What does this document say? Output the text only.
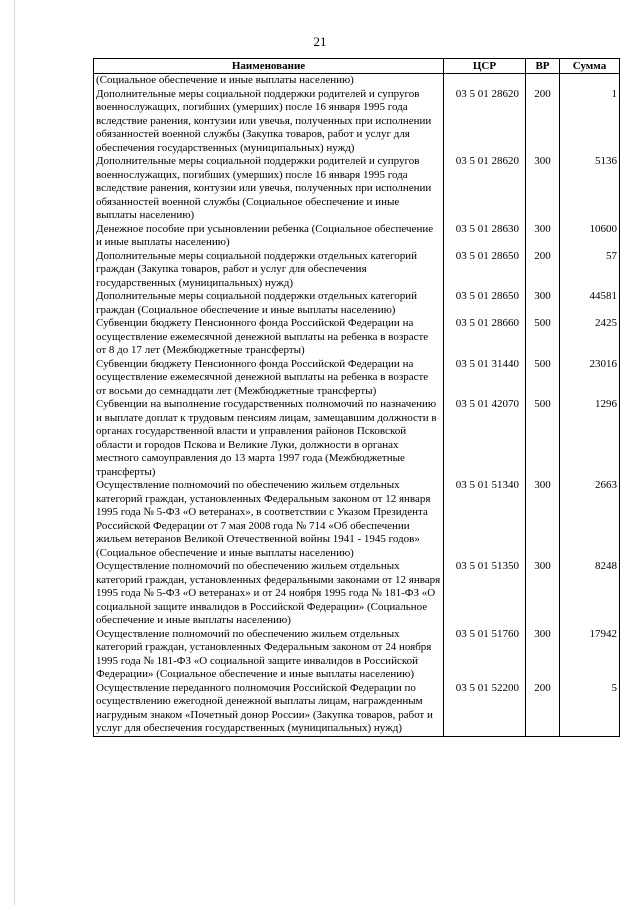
21
Наименование	ЦСР	ВР	Сумма
(Социальное обеспечение и иные выплаты населению)			
Дополнительные меры социальной поддержки родителей и супругов военнослужащих, погибших (умерших) после 16 января 1995 года вследствие ранения, контузии или увечья, полученных при исполнении обязанностей военной службы (Закупка товаров, работ и услуг для обеспечения государственных (муниципальных) нужд)	03 5 01 28620	200	1
Дополнительные меры социальной поддержки родителей и супругов военнослужащих, погибших (умерших) после 16 января 1995 года вследствие ранения, контузии или увечья, полученных при исполнении обязанностей военной службы (Социальное обеспечение и иные выплаты населению)	03 5 01 28620	300	5136
Денежное пособие при усыновлении ребенка (Социальное обеспечение и иные выплаты населению)	03 5 01 28630	300	10600
Дополнительные меры социальной поддержки отдельных категорий граждан (Закупка товаров, работ и услуг для обеспечения государственных (муниципальных) нужд)	03 5 01 28650	200	57
Дополнительные меры социальной поддержки отдельных категорий граждан (Социальное обеспечение и иные выплаты населению)	03 5 01 28650	300	44581
Субвенции бюджету Пенсионного фонда Российской Федерации на осуществление ежемесячной денежной выплаты на ребенка в возрасте от 8 до 17 лет (Межбюджетные трансферты)	03 5 01 28660	500	2425
Субвенции бюджету Пенсионного фонда Российской Федерации на осуществление ежемесячной денежной выплаты на ребенка в возрасте от восьми до семнадцати лет (Межбюджетные трансферты)	03 5 01 31440	500	23016
Субвенции на выполнение государственных полномочий по назначению и выплате доплат к трудовым пенсиям лицам, замещавшим должности в органах государственной власти и управления районов Псковской области и городов Пскова и Великие Луки, должности в органах местного самоуправления до 13 марта 1997 года (Межбюджетные трансферты)	03 5 01 42070	500	1296
Осуществление полномочий по обеспечению жильем отдельных категорий граждан, установленных Федеральным законом от 12 января 1995 года № 5-ФЗ «О ветеранах», в соответствии с Указом Президента Российской Федерации от 7 мая 2008 года № 714 «Об обеспечении жильем ветеранов Великой Отечественной войны 1941 - 1945 годов» (Социальное обеспечение и иные выплаты населению)	03 5 01 51340	300	2663
Осуществление полномочий по обеспечению жильем отдельных категорий граждан, установленных федеральными законами от 12 января 1995 года № 5-ФЗ «О ветеранах» и от 24 ноября 1995 года № 181-ФЗ «О социальной защите инвалидов в Российской Федерации» (Социальное обеспечение и иные выплаты населению)	03 5 01 51350	300	8248
Осуществление полномочий по обеспечению жильем отдельных категорий граждан, установленных Федеральным законом от 24 ноября 1995 года № 181-ФЗ «О социальной защите инвалидов в Российской Федерации» (Социальное обеспечение и иные выплаты населению)	03 5 01 51760	300	17942
Осуществление переданного полномочия Российской Федерации по осуществлению ежегодной денежной выплаты лицам, награжденным нагрудным знаком «Почетный донор России» (Закупка товаров, работ и услуг для обеспечения государственных (муниципальных) нужд)	03 5 01 52200	200	5
